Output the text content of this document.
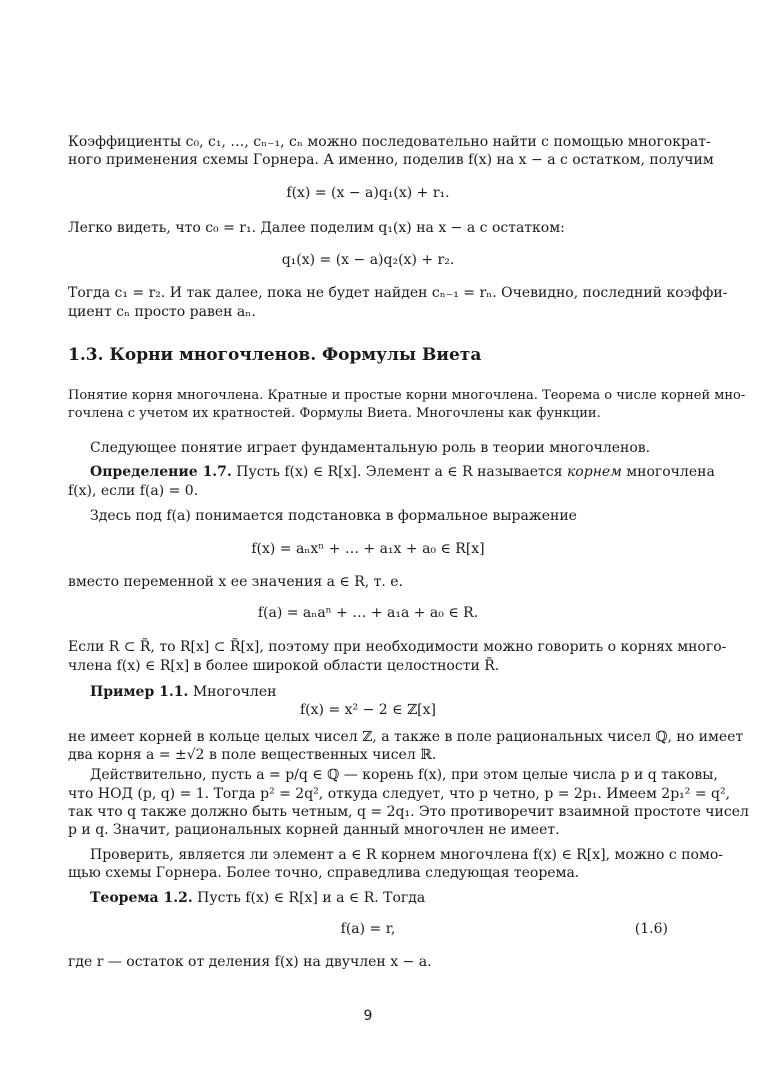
Коэффициенты c₀, c₁, …, cₙ₋₁, cₙ можно последовательно найти с помощью многократ-
ного применения схемы Горнера. А именно, поделив f(x) на x − a с остатком, получим
f(x) = (x − a)q₁(x) + r₁.
Легко видеть, что c₀ = r₁. Далее поделим q₁(x) на x − a с остатком:
q₁(x) = (x − a)q₂(x) + r₂.
Тогда c₁ = r₂. И так далее, пока не будет найден cₙ₋₁ = rₙ. Очевидно, последний коэффи-
циент cₙ просто равен aₙ.
1.3. Корни многочленов. Формулы Виета
Понятие корня многочлена. Кратные и простые корни многочлена. Теорема о числе корней мно-
гочлена с учетом их кратностей. Формулы Виета. Многочлены как функции.
Следующее понятие играет фундаментальную роль в теории многочленов.
Определение 1.7. Пусть f(x) ∈ R[x]. Элемент a ∈ R называется корнем многочлена
f(x), если f(a) = 0.
Здесь под f(a) понимается подстановка в формальное выражение
f(x) = aₙxⁿ + … + a₁x + a₀ ∈ R[x]
вместо переменной x ее значения a ∈ R, т. е.
f(a) = aₙaⁿ + … + a₁a + a₀ ∈ R.
Если R ⊂ R̃, то R[x] ⊂ R̃[x], поэтому при необходимости можно говорить о корнях много-
члена f(x) ∈ R[x] в более широкой области целостности R̃.
Пример 1.1. Многочлен
f(x) = x² − 2 ∈ ℤ[x]
не имеет корней в кольце целых чисел ℤ, а также в поле рациональных чисел ℚ, но имеет
два корня a = ±√2 в поле вещественных чисел ℝ.
Действительно, пусть a = p/q ∈ ℚ — корень f(x), при этом целые числа p и q таковы,
что НОД (p, q) = 1. Тогда p² = 2q², откуда следует, что p четно, p = 2p₁. Имеем 2p₁² = q²,
так что q также должно быть четным, q = 2q₁. Это противоречит взаимной простоте чисел
p и q. Значит, рациональных корней данный многочлен не имеет.
Проверить, является ли элемент a ∈ R корнем многочлена f(x) ∈ R[x], можно с помо-
щью схемы Горнера. Более точно, справедлива следующая теорема.
Теорема 1.2. Пусть f(x) ∈ R[x] и a ∈ R. Тогда
f(a) = r,	(1.6)
где r — остаток от деления f(x) на двучлен x − a.
9
